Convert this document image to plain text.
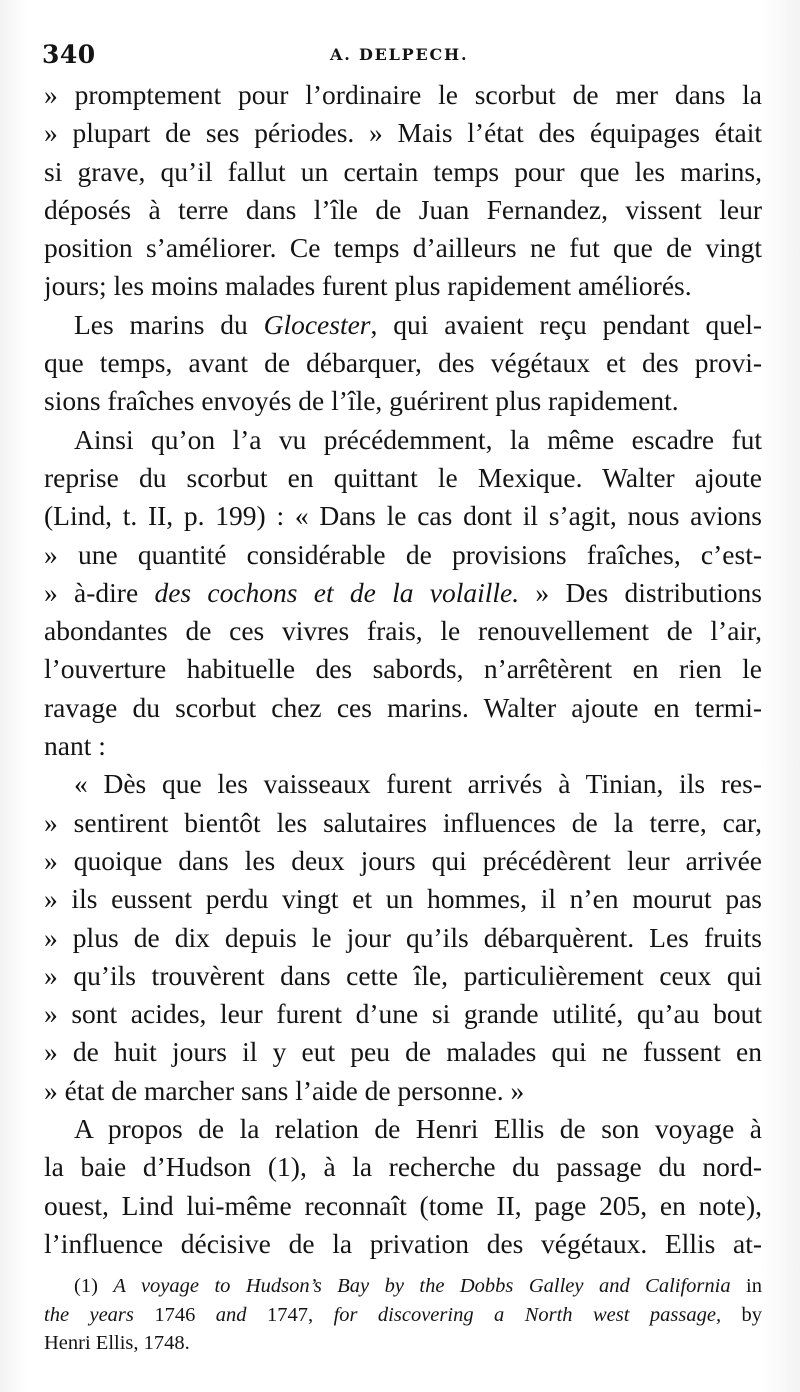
340	A. DELPECH.
» promptement pour l’ordinaire le scorbut de mer dans la
» plupart de ses périodes. » Mais l’état des équipages était
si grave, qu’il fallut un certain temps pour que les marins,
déposés à terre dans l’île de Juan Fernandez, vissent leur
position s’améliorer. Ce temps d’ailleurs ne fut que de vingt
jours; les moins malades furent plus rapidement améliorés.
Les marins du Glocester, qui avaient reçu pendant quel-
que temps, avant de débarquer, des végétaux et des provi-
sions fraîches envoyés de l’île, guérirent plus rapidement.
Ainsi qu’on l’a vu précédemment, la même escadre fut
reprise du scorbut en quittant le Mexique. Walter ajoute
(Lind, t. II, p. 199) : « Dans le cas dont il s’agit, nous avions
» une quantité considérable de provisions fraîches, c’est-
» à-dire des cochons et de la volaille. » Des distributions
abondantes de ces vivres frais, le renouvellement de l’air,
l’ouverture habituelle des sabords, n’arrêtèrent en rien le
ravage du scorbut chez ces marins. Walter ajoute en termi-
nant :
« Dès que les vaisseaux furent arrivés à Tinian, ils res-
» sentirent bientôt les salutaires influences de la terre, car,
» quoique dans les deux jours qui précédèrent leur arrivée
» ils eussent perdu vingt et un hommes, il n’en mourut pas
» plus de dix depuis le jour qu’ils débarquèrent. Les fruits
» qu’ils trouvèrent dans cette île, particulièrement ceux qui
» sont acides, leur furent d’une si grande utilité, qu’au bout
» de huit jours il y eut peu de malades qui ne fussent en
» état de marcher sans l’aide de personne. »
A propos de la relation de Henri Ellis de son voyage à
la baie d’Hudson (1), à la recherche du passage du nord-
ouest, Lind lui-même reconnaît (tome II, page 205, en note),
l’influence décisive de la privation des végétaux. Ellis at-
(1) A voyage to Hudson’s Bay by the Dobbs Galley and California in
the years 1746 and 1747, for discovering a North west passage, by
Henri Ellis, 1748.
